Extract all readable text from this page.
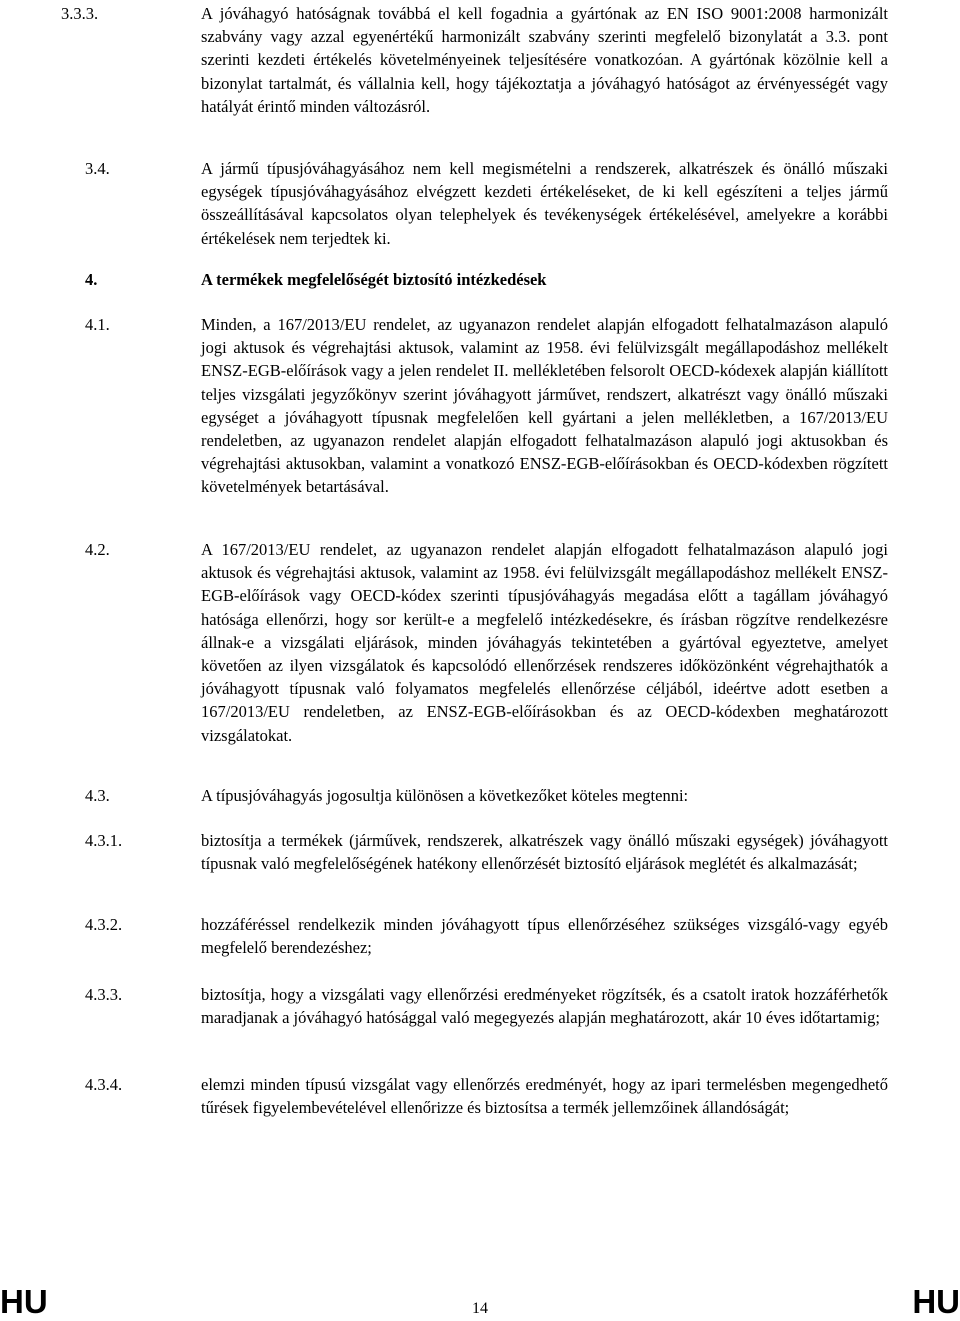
3.3.3.	A jóváhagyó hatóságnak továbbá el kell fogadnia a gyártónak az EN ISO 9001:2008 harmonizált szabvány vagy azzal egyenértékű harmonizált szabvány szerinti megfelelő bizonylatát a 3.3. pont szerinti kezdeti értékelés követelményeinek teljesítésére vonatkozóan. A gyártónak közölnie kell a bizonylat tartalmát, és vállalnia kell, hogy tájékoztatja a jóváhagyó hatóságot az érvényességét vagy hatályát érintő minden változásról.
3.4.	A jármű típusjóváhagyásához nem kell megismételni a rendszerek, alkatrészek és önálló műszaki egységek típusjóváhagyásához elvégzett kezdeti értékeléseket, de ki kell egészíteni a teljes jármű összeállításával kapcsolatos olyan telephelyek és tevékenységek értékelésével, amelyekre a korábbi értékelések nem terjedtek ki.
4.	A termékek megfelelőségét biztosító intézkedések
4.1.	Minden, a 167/2013/EU rendelet, az ugyanazon rendelet alapján elfogadott felhatalmazáson alapuló jogi aktusok és végrehajtási aktusok, valamint az 1958. évi felülvizsgált megállapodáshoz mellékelt ENSZ-EGB-előírások vagy a jelen rendelet II. mellékletében felsorolt OECD-kódexek alapján kiállított teljes vizsgálati jegyzőkönyv szerint jóváhagyott járművet, rendszert, alkatrészt vagy önálló műszaki egységet a jóváhagyott típusnak megfelelően kell gyártani a jelen mellékletben, a 167/2013/EU rendeletben, az ugyanazon rendelet alapján elfogadott felhatalmazáson alapuló jogi aktusokban és végrehajtási aktusokban, valamint a vonatkozó ENSZ-EGB-előírásokban és OECD-kódexben rögzített követelmények betartásával.
4.2.	A 167/2013/EU rendelet, az ugyanazon rendelet alapján elfogadott felhatalmazáson alapuló jogi aktusok és végrehajtási aktusok, valamint az 1958. évi felülvizsgált megállapodáshoz mellékelt ENSZ-EGB-előírások vagy OECD-kódex szerinti típusjóváhagyás megadása előtt a tagállam jóváhagyó hatósága ellenőrzi, hogy sor került-e a megfelelő intézkedésekre, és írásban rögzítve rendelkezésre állnak-e a vizsgálati eljárások, minden jóváhagyás tekintetében a gyártóval egyeztetve, amelyet követően az ilyen vizsgálatok és kapcsolódó ellenőrzések rendszeres időközönként végrehajthatók a jóváhagyott típusnak való folyamatos megfelelés ellenőrzése céljából, ideértve adott esetben a 167/2013/EU rendeletben, az ENSZ-EGB-előírásokban és az OECD-kódexben meghatározott vizsgálatokat.
4.3.	A típusjóváhagyás jogosultja különösen a következőket köteles megtenni:
4.3.1.	biztosítja a termékek (járművek, rendszerek, alkatrészek vagy önálló műszaki egységek) jóváhagyott típusnak való megfelelőségének hatékony ellenőrzését biztosító eljárások meglétét és alkalmazását;
4.3.2.	hozzáféréssel rendelkezik minden jóváhagyott típus ellenőrzéséhez szükséges vizsgáló-vagy egyéb megfelelő berendezéshez;
4.3.3.	biztosítja, hogy a vizsgálati vagy ellenőrzési eredményeket rögzítsék, és a csatolt iratok hozzáférhetők maradjanak a jóváhagyó hatósággal való megegyezés alapján meghatározott, akár 10 éves időtartamig;
4.3.4.	elemzi minden típusú vizsgálat vagy ellenőrzés eredményét, hogy az ipari termelésben megengedhető tűrések figyelembevételével ellenőrizze és biztosítsa a termék jellemzőinek állandóságát;
HU	14	HU
